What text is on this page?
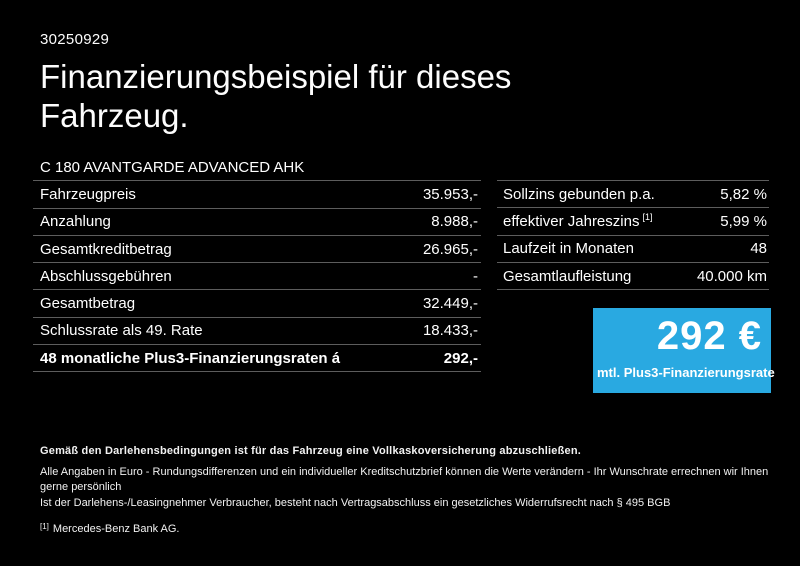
30250929
Finanzierungsbeispiel für dieses
Fahrzeug.
C 180 AVANTGARDE ADVANCED AHK
Fahrzeugpreis	35.953,-
Anzahlung	8.988,-
Gesamtkreditbetrag	26.965,-
Abschlussgebühren	-
Gesamtbetrag	32.449,-
Schlussrate als 49. Rate	18.433,-
48 monatliche Plus3-Finanzierungsraten á	292,-
Sollzins gebunden p.a.	5,82 %
effektiver Jahreszins [1]	5,99 %
Laufzeit in Monaten	48
Gesamtlaufleistung	40.000 km
292 €
mtl. Plus3-Finanzierungsrate
Gemäß den Darlehensbedingungen ist für das Fahrzeug eine Vollkaskoversicherung abzuschließen.
Alle Angaben in Euro - Rundungsdifferenzen und ein individueller Kreditschutzbrief können die Werte verändern - Ihr Wunschrate errechnen wir Ihnen gerne persönlich
Ist der Darlehens-/Leasingnehmer Verbraucher, besteht nach Vertragsabschluss ein gesetzliches Widerrufsrecht nach § 495 BGB
[1] Mercedes-Benz Bank AG.
